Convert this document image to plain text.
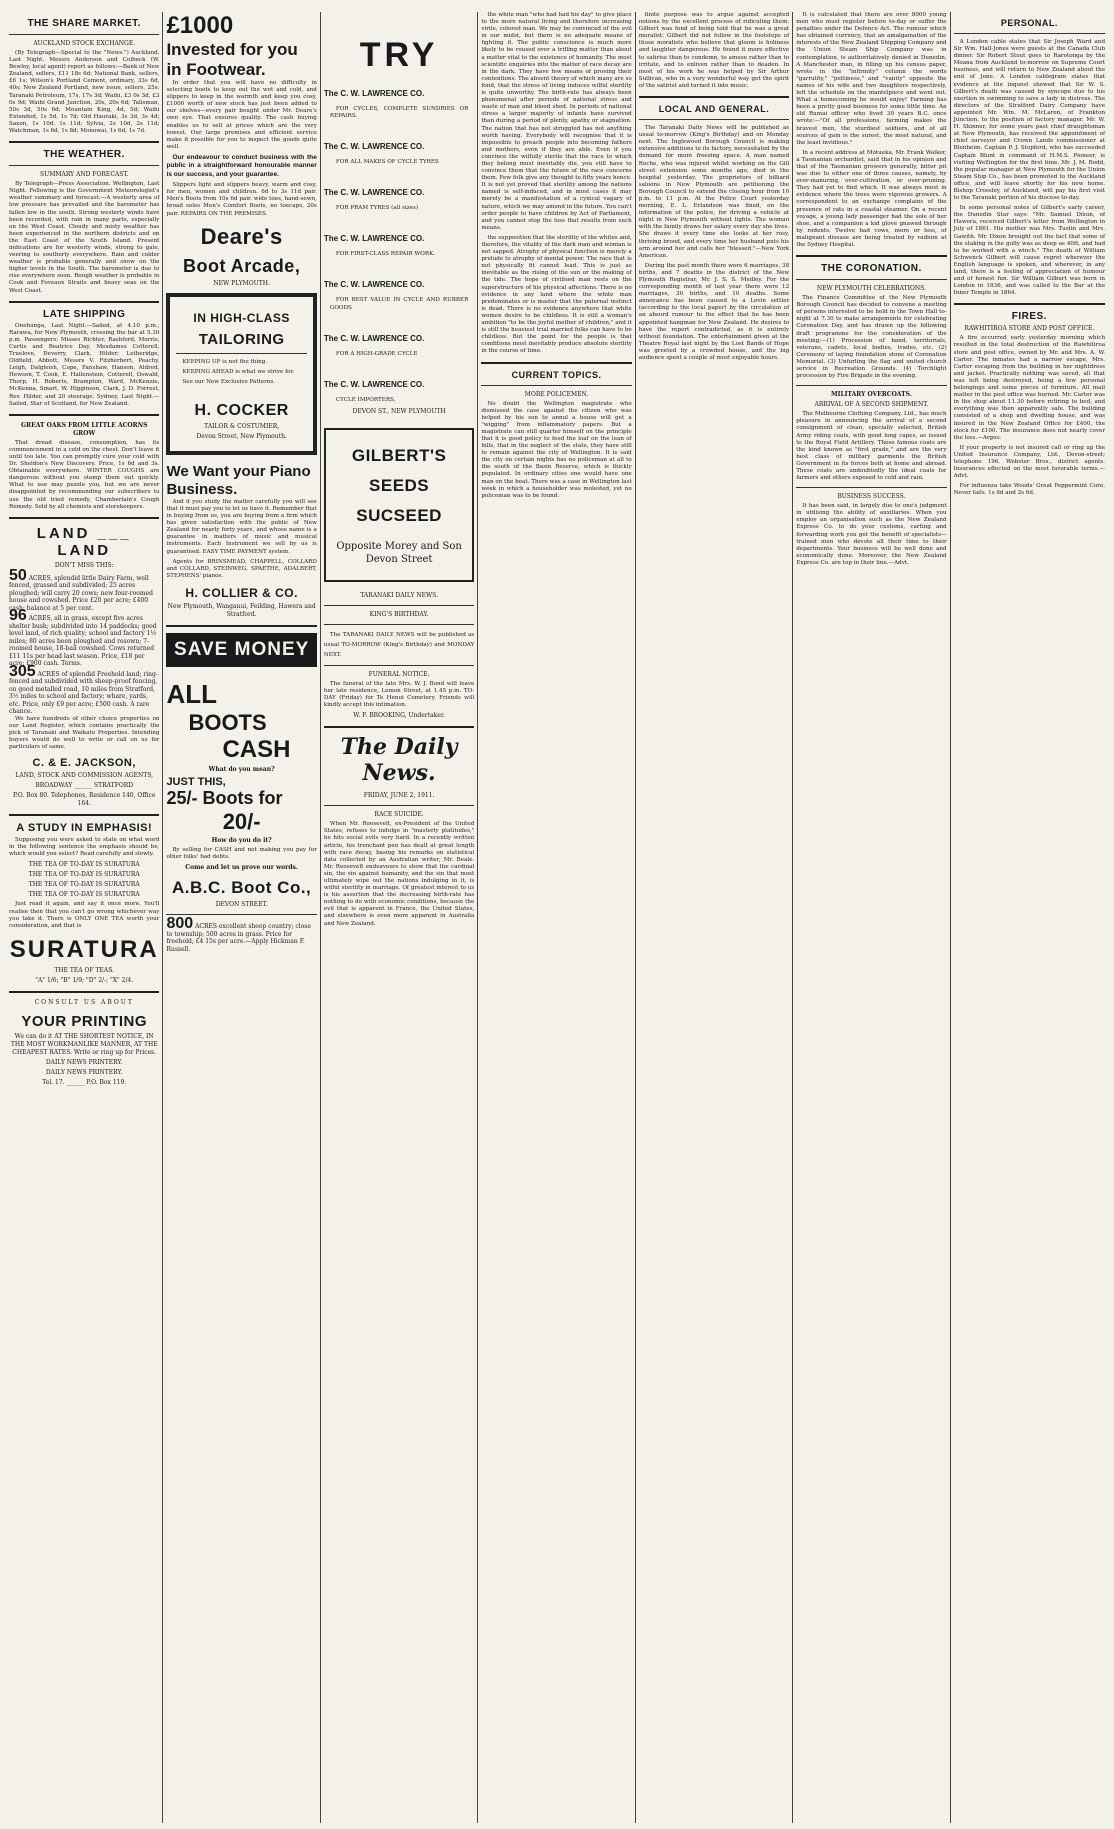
THE SHARE MARKET.
AUCKLAND STOCK EXCHANGE.

(By Telegraph—Special to the "News.") Auckland, Last Night. Messrs Anderson and Colbeck (W. Bewley, local agent) report as follows:—Bank of New Zealand, sellers, £11 18s 6d; National Bank, sellers, £6 1s; Wilson's Portland Cement, ordinary, 33s 6d, 40s; New Zealand Portland, new issue, sellers, 25s; Taranaki Petroleum, 17s, 17s 3d; Waihi, £3 0s 3d, £3 0s 9d; Waihi Grand Junction, 20s, 20s 6d; Talisman, 50s 3d, 50s 6d; Mountain King, 4d, 5d; Waihi Extended, 1s 5d, 1s 7d; Old Hauraki, 3s 3d, 3s 4d; Saxon, 1s 10d, 1s 11d; Sylvia, 2s 10d, 2s 11d; Watchman, 1s 6d, 1s 8d; Monowai, 1s 6d, 1s 7d.

THE WEATHER.
SUMMARY AND FORECAST.

By Telegraph—Press Association. Wellington, Last Night. Following is the Government Meteorologist's weather summary and forecast:—A westerly area of low pressure has prevailed and the barometer has fallen low in the south. Strong westerly winds have been recorded, with rain in many parts, especially on the West Coast. Cloudy and misty weather has been experienced in the northern districts and on the East Coast of the South Island. Present indications are for westerly winds, strong to gale, veering to southerly everywhere. Rain and colder weather is probable generally and snow on the higher levels in the South. The barometer is due to rise everywhere soon. Rough weather is probable in Cook and Foveaux Straits and heavy seas on the West Coast.

LATE SHIPPING

Onehunga, Last Night.—Sailed, at 4.10 p.m., Rarawa, for New Plymouth, crossing the bar at 5.30 p.m. Passengers: Misses Richter, Rashford, Morris, Curtis and Beatrice Day, Mesdames Cotterell, Truelove, Deverry, Clark, Hilder; Letheridge, Oldfield, Abbott, Messrs V. Fitzherbert, Peachy, Leigh, Dalgleish, Cope, Fanshaw, Hanson, Aldred, Hewson, T. Cook, E. Hallenstein, Cotterell, Oswald, Thorp, H. Roberts, Brampton, Ward, McKenzie, McKenna, Smart, W. Higginson, Clark, J. D. Forrest, Rev. Hilder, and 20 steerage. Sydney, Last Night.—Sailed, Star of Scotland, for New Zealand.

GREAT OAKS FROM LITTLE ACORNS GROW

That dread disease, consumption, has its commencement in a cold on the chest. Don't leave it until too late. You can promptly cure your cold with Dr. Sheldon's New Discovery. Price, 1s 6d and 3s. Obtainable everywhere. WINTER COUGHS are dangerous without you stamp them out quickly. What to use may puzzle you, but we are never disappointed by recommending our subscribers to use the old tried remedy, Chamberlain's Cough Remedy. Sold by all chemists and storekeepers.

LAND ___ LAND
DON'T MISS THIS:
50 ACRES, splendid little Dairy Farm, well fenced, grassed and subdivided; 25 acres ploughed; will carry 20 cows; new four-roomed house and cowshed. Price £20 per acre; £400 cash; balance at 5 per cent.
96 ACRES, all in grass, except five acres shelter bush; subdivided into 14 paddocks; good level land, of rich quality; school and factory 1½ miles; 80 acres been ploughed and resown; 7-roomed house, 18-bail cowshed. Cows returned £11 11s per head last season. Price, £18 per acre; £900 cash. Terms.
305 ACRES of splendid Freehold land; ring-fenced and subdivided with sheep-proof fencing, on good metalled road, 10 miles from Stratford, 3½ miles to school and factory; whare, yards, etc. Price, only £9 per acre; £500 cash. A rare chance.

We have hundreds of other choice properties on our Land Register, which contains practically the pick of Taranaki and Waikato Properties. Intending buyers would do well to write or call on us for particulars of same.

C. & E. JACKSON,
LAND, STOCK AND COMMISSION AGENTS,
BROADWAY ______ STRATFORD
P.O. Box 80. Telephones, Residence 140, Office 164.
A STUDY IN EMPHASIS!

Supposing you were asked to state on what word in the following sentence the emphasis should be, which would you select? Read carefully and slowly.

THE TEA OF TO-DAY IS SURATURA
THE TEA OF TO-DAY IS SURATURA
THE TEA OF TO-DAY IS SURATURA
THE TEA OF TO-DAY IS SURATURA

Just read it again, and say it once more. You'll realise then that you can't go wrong whichever way you take it. There is ONLY ONE TEA worth your consideration, and that is

SURATURA
THE TEA OF TEAS.
"A" 1/6; "B" 1/9; "D" 2/-; "X" 2/4.
CONSULT US ABOUT
YOUR PRINTING
We can do it AT THE SHORTEST NOTICE, IN THE MOST WORKMANLIKE MANNER, AT THE CHEAPEST RATES. Write or ring up for Prices.
DAILY NEWS PRINTERY.
DAILY NEWS PRINTERY.
Tel. 17. ______ P.O. Box 119.
£1000
Invested for you in Footwear.

In order that you will have no difficulty in selecting boots to keep out the wet and cold, and slippers to keep in the warmth and keep you cosy, £1000 worth of new stock has just been added to our shelves—every pair bought under Mr. Deare's own eye. That ensures quality. The cash buying enables us to sell at prices which are the very lowest. Our large premises and efficient service make it possible for you to inspect the goods quite well.

Our endeavour to conduct business with the public in a straightforward honourable manner is our success, and your guarantee.

Slippers light and slippers heavy, warm and cosy, for men, women and children. 6d to 3s 11d pair. Men's Boots from 10s 6d pair. wide toes, hand-sewn, broad soles Men's Comfort Boots, no toecaps, 20s pair. REPAIRS ON THE PREMISES.

Deare's
Boot Arcade,
NEW PLYMOUTH.
IN HIGH-CLASS
TAILORING

KEEPING UP is not the thing.

KEEPING AHEAD is what we strive for.

See our New Exclusive Patterns.

H. COCKER
TAILOR & COSTUMIER,
Devon Street, New Plymouth.
We Want your Piano Business.

And if you study the matter carefully you will see that it must pay you to let us have it. Remember that in buying from us, you are buying from a firm which has given satisfaction with the public of New Zealand for nearly forty years, and whose name is a guarantee in matters of music and musical instruments. Each Instrument we sell by us is guaranteed. EASY TIME PAYMENT system.

Agents for BRINSMEAD, CHAPPELL, COLLARD and COLLARD, STEINWEG, SPAETHE, ADALBERT, STEPHENS' pianos.

H. COLLIER & CO.
New Plymouth, Wanganui, Feilding, Hawera and Stratford.
SAVE MONEY
ALL
BOOTS
CASH
What do you mean?
JUST THIS,
25/- Boots for
20/-
How do you do it?

By selling for CASH and not making you pay for other folks' bad debts.

Come and let us prove our words.
A.B.C. Boot Co.,
DEVON STREET.
800 ACRES excellent sheep country; close to township; 500 acres in grass. Price for freehold, £4 15s per acre.—Apply Hickman F. Russell.
TRY
The C. W. LAWRENCE CO.

FOR CYCLES, COMPLETE SUNDRIES OR REPAIRS.

The C. W. LAWRENCE CO.

FOR ALL MAKES OF CYCLE TYRES

The C. W. LAWRENCE CO.

FOR PRAM TYRES (all sizes)

The C. W. LAWRENCE CO.

FOR FIRST-CLASS REPAIR WORK.

The C. W. LAWRENCE CO.

FOR BEST VALUE IN CYCLE AND RUBBER GOODS

The C. W. LAWRENCE CO.

FOR A HIGH-GRADE CYCLE

The C. W. LAWRENCE CO.

CYCLE IMPORTERS,

DEVON ST., NEW PLYMOUTH
GILBERT'S
SEEDS
SUCSEED
Opposite Morey and Son Devon Street
TARANAKI DAILY NEWS.
KING'S BIRTHDAY.

The TARANAKI DAILY NEWS will be published as usual TO-MORROW (King's Birthday) and MONDAY NEXT.

FUNERAL NOTICE.

The funeral of the late Mrs. W. J. Bond will leave her late residence, Lemon Street, at 1.45 p.m. TO-DAY (Friday) for Te Henui Cemetery. Friends will kindly accept this intimation.

W. F. BROOKING, Undertaker.
The Daily News.
FRIDAY, JUNE 2, 1911.
RACE SUICIDE.

When Mr. Roosevelt, ex-President of the United States, refuses to indulge in "masterly platitudes," he hits social evils very hard. In a recently written article, his trenchant pen has dealt at great length with race decay, basing his remarks on statistical data collected by an Australian writer, Mr. Beale. Mr. Roosevelt endeavours to show that the cardinal sin, the sin against humanity, and the sin that most ultimately wipe out the nations indulging in it, is wilful sterility in marriage. Of greatest interest to us is his assertion that the decreasing birth-rate has nothing to do with economic conditions, because the evil that is apparent in France, the United States, and elsewhere is even more apparent in Australia and New Zealand.

the white man "who had had his day" to give place to the more natural living and therefore increasing virile, colored man. We may be convinced of the evil in our midst, but there is no adequate means of fighting it. The public conscience is much more likely to be roused over a trifling matter than about a matter vital to the existence of humanity. The most scientific enquiries into the matter of race decay are in the dark. They have few means of proving their contentions. The absent theory of which many are so fond, that the stress of living induces wilful sterility is quite unworthy. The birth-rate has always been phenomenal after periods of national stress and waste of man and blood shed. In periods of national stress a larger majority of infants have survived than during a period of plenty, apathy or stagnation. The nation that has not struggled has not anything worth having. Everybody will recognise that it is impossible to preach people into becoming fathers and mothers, even if they are able. Even if you convince the wilfully sterile that the race to which they belong must inevitably die, you still have to convince them that the future of the race concerns them. Few folk give any thought to fifty years hence. It is not yet proved that sterility among the nations named is self-induced, and in most cases it may merely be a manifestation of a cynical vagary of nature, which we may amend in the future. You can't order people to have children by Act of Parliament, and you cannot stop the loss that results from such means.

the supposition that the sterility of the whites and, therefore, the vitality of the dark man and woman is not sapped. Atrophy of physical function is merely a prelude to atrophy of mental power. The race that is not physically fit cannot lead. This is just as inevitable as the rising of the sun or the making of the tide. The hope of civilised man rests on the superstructure of his physical affections. There is no evidence in any land where the white man predominates or is master that the paternal instinct is dead. There is no evidence anywhere that white women desire to be childless. It is still a woman's ambition "to be the joyful mother of children," and it is still the heaviest trial married folks can have to be childless. But the point for the people is that conditions most inevitably produce absolute sterility in the course of time.

CURRENT TOPICS.
MORE POLICEMEN.

No doubt the Wellington magistrate who dismissed the case against the citizen who was helped by his son to annul a house will get a "wigging" from inflammatory papers. But a magistrate can still quarter himself on the principle that it is good policy to feed the loaf on the lean of hills, that in the neglect of the state, they have still to remain against the city of Wellington. It is said the city on certain nights has no policeman at all to the south of the Basin Reserve, which is thickly populated. In ordinary cities one would have one man on the beat. There was a case in Wellington last week in which a householder was molested, yet no policeman was to be found.

finite purpose was to argue against accepted notions by the excellent process of ridiculing them. Gilbert was fond of being told that he was a great moralist; Gilbert did not follow in the footsteps of those moralists who believe that gloom is holiness and laughter dangerous. He found it more effective to satirise than to condemn, to amuse rather than to irritate, and to enliven rather than to deaden. In most of his work he was helped by Sir Arthur Sullivan, who in a very wonderful way got the spirit of the satirist and turned it into music.

LOCAL AND GENERAL.

The Taranaki Daily News will be published as usual to-morrow (King's Birthday) and on Monday next. The Inglewood Borough Council is making extensive additions to its factory, necessitated by the demand for more freezing space. A man named Roche, who was injured whilst working on the Gill street extension some months ago, died in the hospital yesterday. The proprietors of billiard saloons in New Plymouth are petitioning the Borough Council to extend the closing hour from 10 p.m. to 11 p.m. At the Police Court yesterday morning, E. L. Erlandson was fined, on the information of the police, for driving a vehicle at night in New Plymouth without lights. The woman with the family draws her salary every day she lives. She draws it every time she looks at her rosy, thriving brood, and every time her husband puts his arm around her and calls her "blessed."—New York American.

During the past month there were 6 marriages, 38 births, and 7 deaths in the district of the New Plymouth Registrar, Mr. J. S. S. Medley. For the corresponding month of last year there were 12 marriages, 30 births, and 10 deaths. Some annoyance has been caused to a Levin settler (according to the local paper) by the circulation of an absurd rumour to the effect that he has been appointed hangman for New Zealand. He desires to have the report contradicted, as it is entirely without foundation. The entertainment given at the Theatre Royal last night by the Lost Bands of Hope was greeted by a crowded house, and the big audience spent a couple of most enjoyable hours.

It is calculated that there are over 8000 young men who must register before to-day or suffer the penalties under the Defence Act. The rumour which has obtained currency, that an amalgamation of the interests of the New Zealand Shipping Company and the Union Steam Ship Company was in contemplation, is authoritatively denied in Dunedin. A Manchester man, in filling up his census paper, wrote in the "infirmity" column the words "garrulity," "pettiness," and "vanity" opposite the names of his wife and two daughters respectively, left the schedule on the mantelpiece and went out. What a homecoming he would enjoy! Farming has been a pretty good business for some little time. An old Rumai officer who lived 30 years B.C. once wrote:—"Of all professions, farming makes the bravest men, the sturdiest soldiers, and of all sources of gain is the surest, the most natural, and the least invidious."

In a recent address at Motueka, Mr. Frank Walker, a Tasmanian orchardist, said that in his opinion and that of the Tasmanian growers generally, bitter pit was due to either one of three causes, namely, by over-manuring, over-cultivation, or over-pruning. They had yet to find which. It was always most in evidence where the trees were vigorous growers. A correspondent to an exchange complains of the presence of rats in a coastal steamer. On a recent voyage, a young lady passenger had the sole of her shoe, and a companion a kid glove gnawed through by rodents. Twelve bad cows, more or less, of malignant disease are being treated by radium at the Sydney Hospital.

THE CORONATION.
NEW PLYMOUTH CELEBRATIONS.

The Finance Committee of the New Plymouth Borough Council has decided to convene a meeting of persons interested to be held in the Town Hall to-night at 7.30 to make arrangements for celebrating Coronation Day, and has drawn up the following draft programme for the consideration of the meeting:—(1) Procession of band, territorials, veterans, cadets, local bodies, trades, etc. (2) Ceremony of laying foundation stone of Coronation Memorial. (3) Unfurling the flag and united church service in Recreation Grounds. (4) Torchlight procession by Fire Brigade in the evening.

MILITARY OVERCOATS.
ARRIVAL OF A SECOND SHIPMENT.

The Melbourne Clothing Company, Ltd., has much pleasure in announcing the arrival of a second consignment of clean, specially selected, British Army riding coats, with good long capes, as issued to the Royal Field Artillery. These famous coats are the kind known as "first grade," and are the very best class of military garments the British Government in its forces both at home and abroad. These coats are undoubtedly the ideal coats for farmers and others exposed to cold and rain.

BUSINESS SUCCESS.

It has been said, in largely due to one's judgment in utilising the ability of auxiliaries. When you employ an organisation such as the New Zealand Express Co. to do your customs, carting and forwarding work you get the benefit of specialists—trained men who devote all their time to their departments. Your business will be well done and economically done. Moreover, the New Zealand Express Co. are top in their line.—Advt.

PERSONAL.

A London cable states that Sir Joseph Ward and Sir Wm. Hall-Jones were guests at the Canada Club dinner. Sir Robert Stout goes to Rarotonga by the Moana from Auckland to-morrow on Supreme Court business, and will return to New Zealand about the end of June. A London cablegram states that evidence at the inquest showed that Sir W. S. Gilbert's death was caused by syncope due to his exertion in swimming to save a lady in distress. The directors of the Stratford Dairy Company have appointed Mr. Wm. M. McLaren, of Frankton Junction, to the position of factory manager. Mr. W. H. Skinner, for some years past chief draughtsman at New Plymouth, has received the appointment of chief surveyor and Crown Lands commissioner at Blenheim. Captain P. J. Stopford, who has succeeded Captain Blunt in command of H.M.S. Pioneer, is visiting Wellington for the first time. Mr. J. M. Bodd, the popular manager at New Plymouth for the Union Steam Ship Co., has been promoted to the Auckland office, and will leave shortly for his new home. Bishop Crossley, of Auckland, will pay his first visit to the Taranaki portion of his diocese to-day.

In some personal notes of Gilbert's early career, the Dunedin Star says: "Mr. Samuel Dixon, of Hawera, received Gilbert's letter from Wellington in July of 1861. His mother was Mrs. Tustin and Mrs. Gawith. Mr. Dixon brought out the fact that some of the staking in the gully was as deep as 40ft, and had to be worked with a winch." The death of William Schwenck Gilbert will cause regret wherever the English language is spoken, and wherever, in any land, there is a feeling of appreciation of humour and of honest fun. Sir William Gilbert was born in London in 1836, and was called to the Bar at the Inner Temple in 1864.

FIRES.
RAWHITIROA STORE AND POST OFFICE.

A fire occurred early yesterday morning which resulted in the total destruction of the Rawhitiroa store and post office, owned by Mr. and Mrs. A. W. Carter. The inmates had a narrow escape, Mrs. Carter escaping from the building in her nightdress and jacket. Practically nothing was saved, all that was left being destroyed, being a few personal belongings and some pieces of furniture. All mail matter in the post office was burned. Mr. Carter was in the shop about 11.30 before retiring to bed, and everything was then apparently safe. The building consisted of a shop and dwelling house, and was insured in the New Zealand Office for £400, the stock for £100. The insurance does not nearly cover the loss.—Argus.

If your property is not insured call or ring up the United Insurance Company, Ltd., Devon-street; telephone 196. Webster Bros., district agents. Insurances effected on the most favorable terms.—Advt.

For influenza take Woods' Great Peppermint Cure. Never fails. 1s 6d and 2s 6d.
